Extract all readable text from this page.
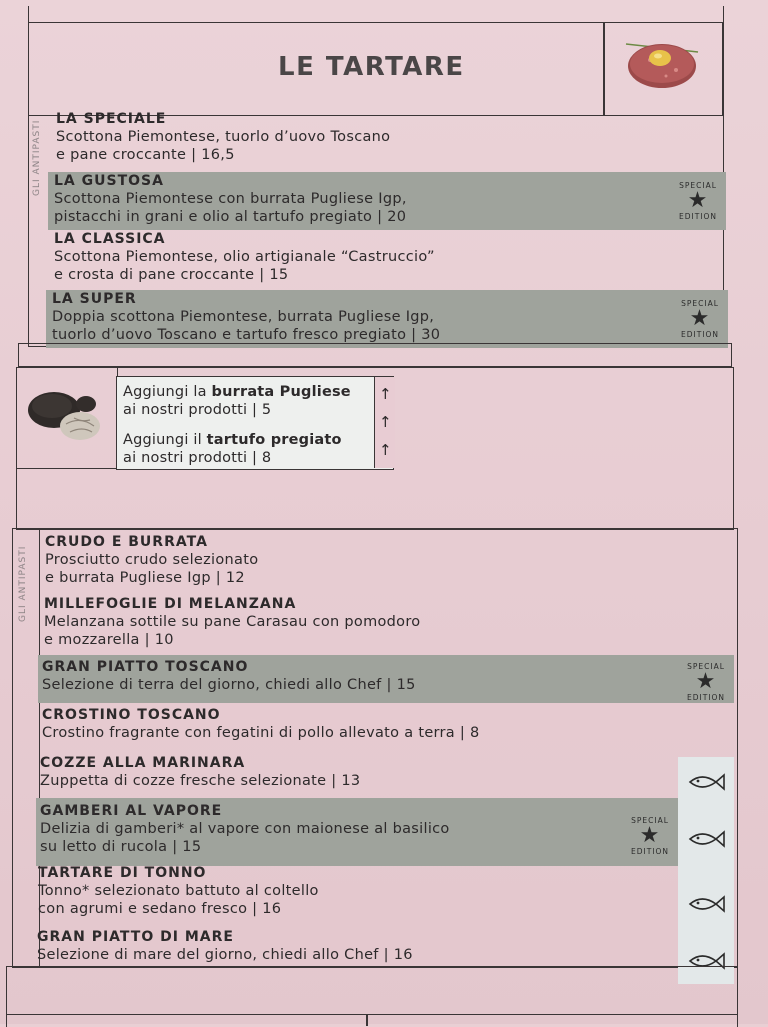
LE TARTARE
GLI ANTIPASTI
LA SPECIALE
Scottona Piemontese, tuorlo d’uovo Toscano
e pane croccante | 16,5
LA GUSTOSA
Scottona Piemontese con burrata Pugliese Igp,
pistacchi in grani e olio al tartufo pregiato | 20
SPECIAL
★
EDITION
LA CLASSICA
Scottona Piemontese, olio artigianale “Castruccio”
e crosta di pane croccante | 15
LA SUPER
Doppia scottona Piemontese, burrata Pugliese Igp,
tuorlo d’uovo Toscano e tartufo fresco pregiato | 30
SPECIAL
★
EDITION
Aggiungi la burrata Pugliese
ai nostri prodotti | 5
Aggiungi il tartufo pregiato
ai nostri prodotti | 8
↑
↑
↑
GLI ANTIPASTI
CRUDO E BURRATA
Prosciutto crudo selezionato
e burrata Pugliese Igp | 12
MILLEFOGLIE DI MELANZANA
Melanzana sottile su pane Carasau con pomodoro
e mozzarella | 10
GRAN PIATTO TOSCANO
Selezione di terra del giorno, chiedi allo Chef | 15
SPECIAL
★
EDITION
CROSTINO TOSCANO
Crostino fragrante con fegatini di pollo allevato a terra | 8
COZZE ALLA MARINARA
Zuppetta di cozze fresche selezionate | 13
GAMBERI AL VAPORE
Delizia di gamberi* al vapore con maionese al basilico
su letto di rucola | 15
SPECIAL
★
EDITION
TARTARE DI TONNO
Tonno* selezionato battuto al coltello
con agrumi e sedano fresco | 16
GRAN PIATTO DI MARE
Selezione di mare del giorno, chiedi allo Chef | 16
